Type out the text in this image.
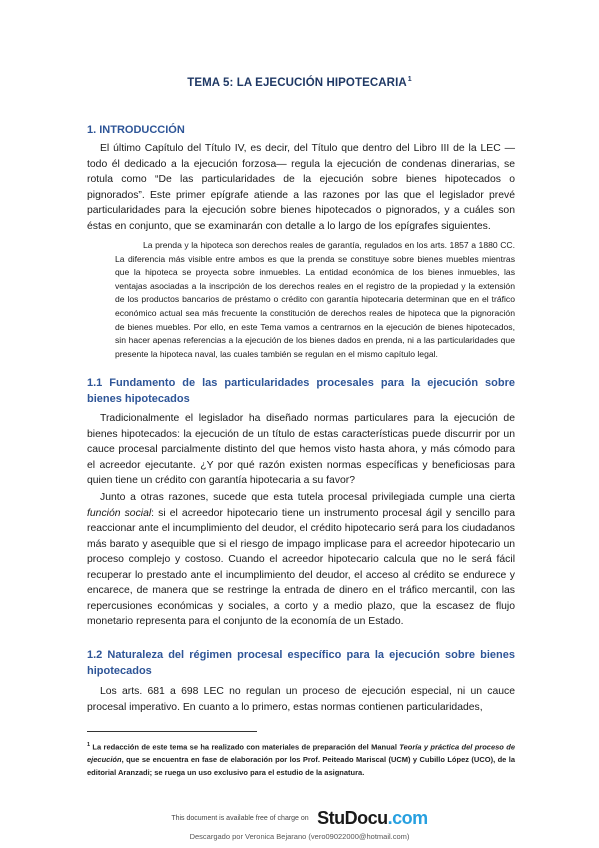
TEMA 5: LA EJECUCIÓN HIPOTECARIA$^1$
1. INTRODUCCIÓN

El último Capítulo del Título IV, es decir, del Título que dentro del Libro III de la LEC —todo él dedicado a la ejecución forzosa— regula la ejecución de condenas dinerarias, se rotula como “De las particularidades de la ejecución sobre bienes hipotecados o pignorados”. Este primer epígrafe atiende a las razones por las que el legislador prevé particularidades para la ejecución sobre bienes hipotecados o pignorados, y a cuáles son éstas en conjunto, que se examinarán con detalle a lo largo de los epígrafes siguientes.

La prenda y la hipoteca son derechos reales de garantía, regulados en los arts. 1857 a 1880 CC. La diferencia más visible entre ambos es que la prenda se constituye sobre bienes muebles mientras que la hipoteca se proyecta sobre inmuebles. La entidad económica de los bienes inmuebles, las ventajas asociadas a la inscripción de los derechos reales en el registro de la propiedad y la extensión de los productos bancarios de préstamo o crédito con garantía hipotecaria determinan que en el tráfico económico actual sea más frecuente la constitución de derechos reales de hipoteca que la pignoración de bienes muebles. Por ello, en este Tema vamos a centrarnos en la ejecución de bienes hipotecados, sin hacer apenas referencias a la ejecución de los bienes dados en prenda, ni a las particularidades que presente la hipoteca naval, las cuales también se regulan en el mismo capítulo legal.

1.1 Fundamento de las particularidades procesales para la ejecución sobre bienes hipotecados

Tradicionalmente el legislador ha diseñado normas particulares para la ejecución de bienes hipotecados: la ejecución de un título de estas características puede discurrir por un cauce procesal parcialmente distinto del que hemos visto hasta ahora, y más cómodo para el acreedor ejecutante. ¿Y por qué razón existen normas específicas y beneficiosas para quien tiene un crédito con garantía hipotecaria a su favor?

Junto a otras razones, sucede que esta tutela procesal privilegiada cumple una cierta función social: si el acreedor hipotecario tiene un instrumento procesal ágil y sencillo para reaccionar ante el incumplimiento del deudor, el crédito hipotecario será para los ciudadanos más barato y asequible que si el riesgo de impago implicase para el acreedor hipotecario un proceso complejo y costoso. Cuando el acreedor hipotecario calcula que no le será fácil recuperar lo prestado ante el incumplimiento del deudor, el acceso al crédito se endurece y encarece, de manera que se restringe la entrada de dinero en el tráfico mercantil, con las repercusiones económicas y sociales, a corto y a medio plazo, que la escasez de flujo monetario representa para el conjunto de la economía de un Estado.

1.2 Naturaleza del régimen procesal específico para la ejecución sobre bienes hipotecados

Los arts. 681 a 698 LEC no regulan un proceso de ejecución especial, ni un cauce procesal imperativo. En cuanto a lo primero, estas normas contienen particularidades,

$^1$ La redacción de este tema se ha realizado con materiales de preparación del Manual Teoría y práctica del proceso de ejecución, que se encuentra en fase de elaboración por los Prof. Peiteado Mariscal (UCM) y Cubillo López (UCO), de la editorial Aranzadi; se ruega un uso exclusivo para el estudio de la asignatura.

This document is available free of charge on StuDocu.com
Descargado por Veronica Bejarano (vero09022000@hotmail.com)
